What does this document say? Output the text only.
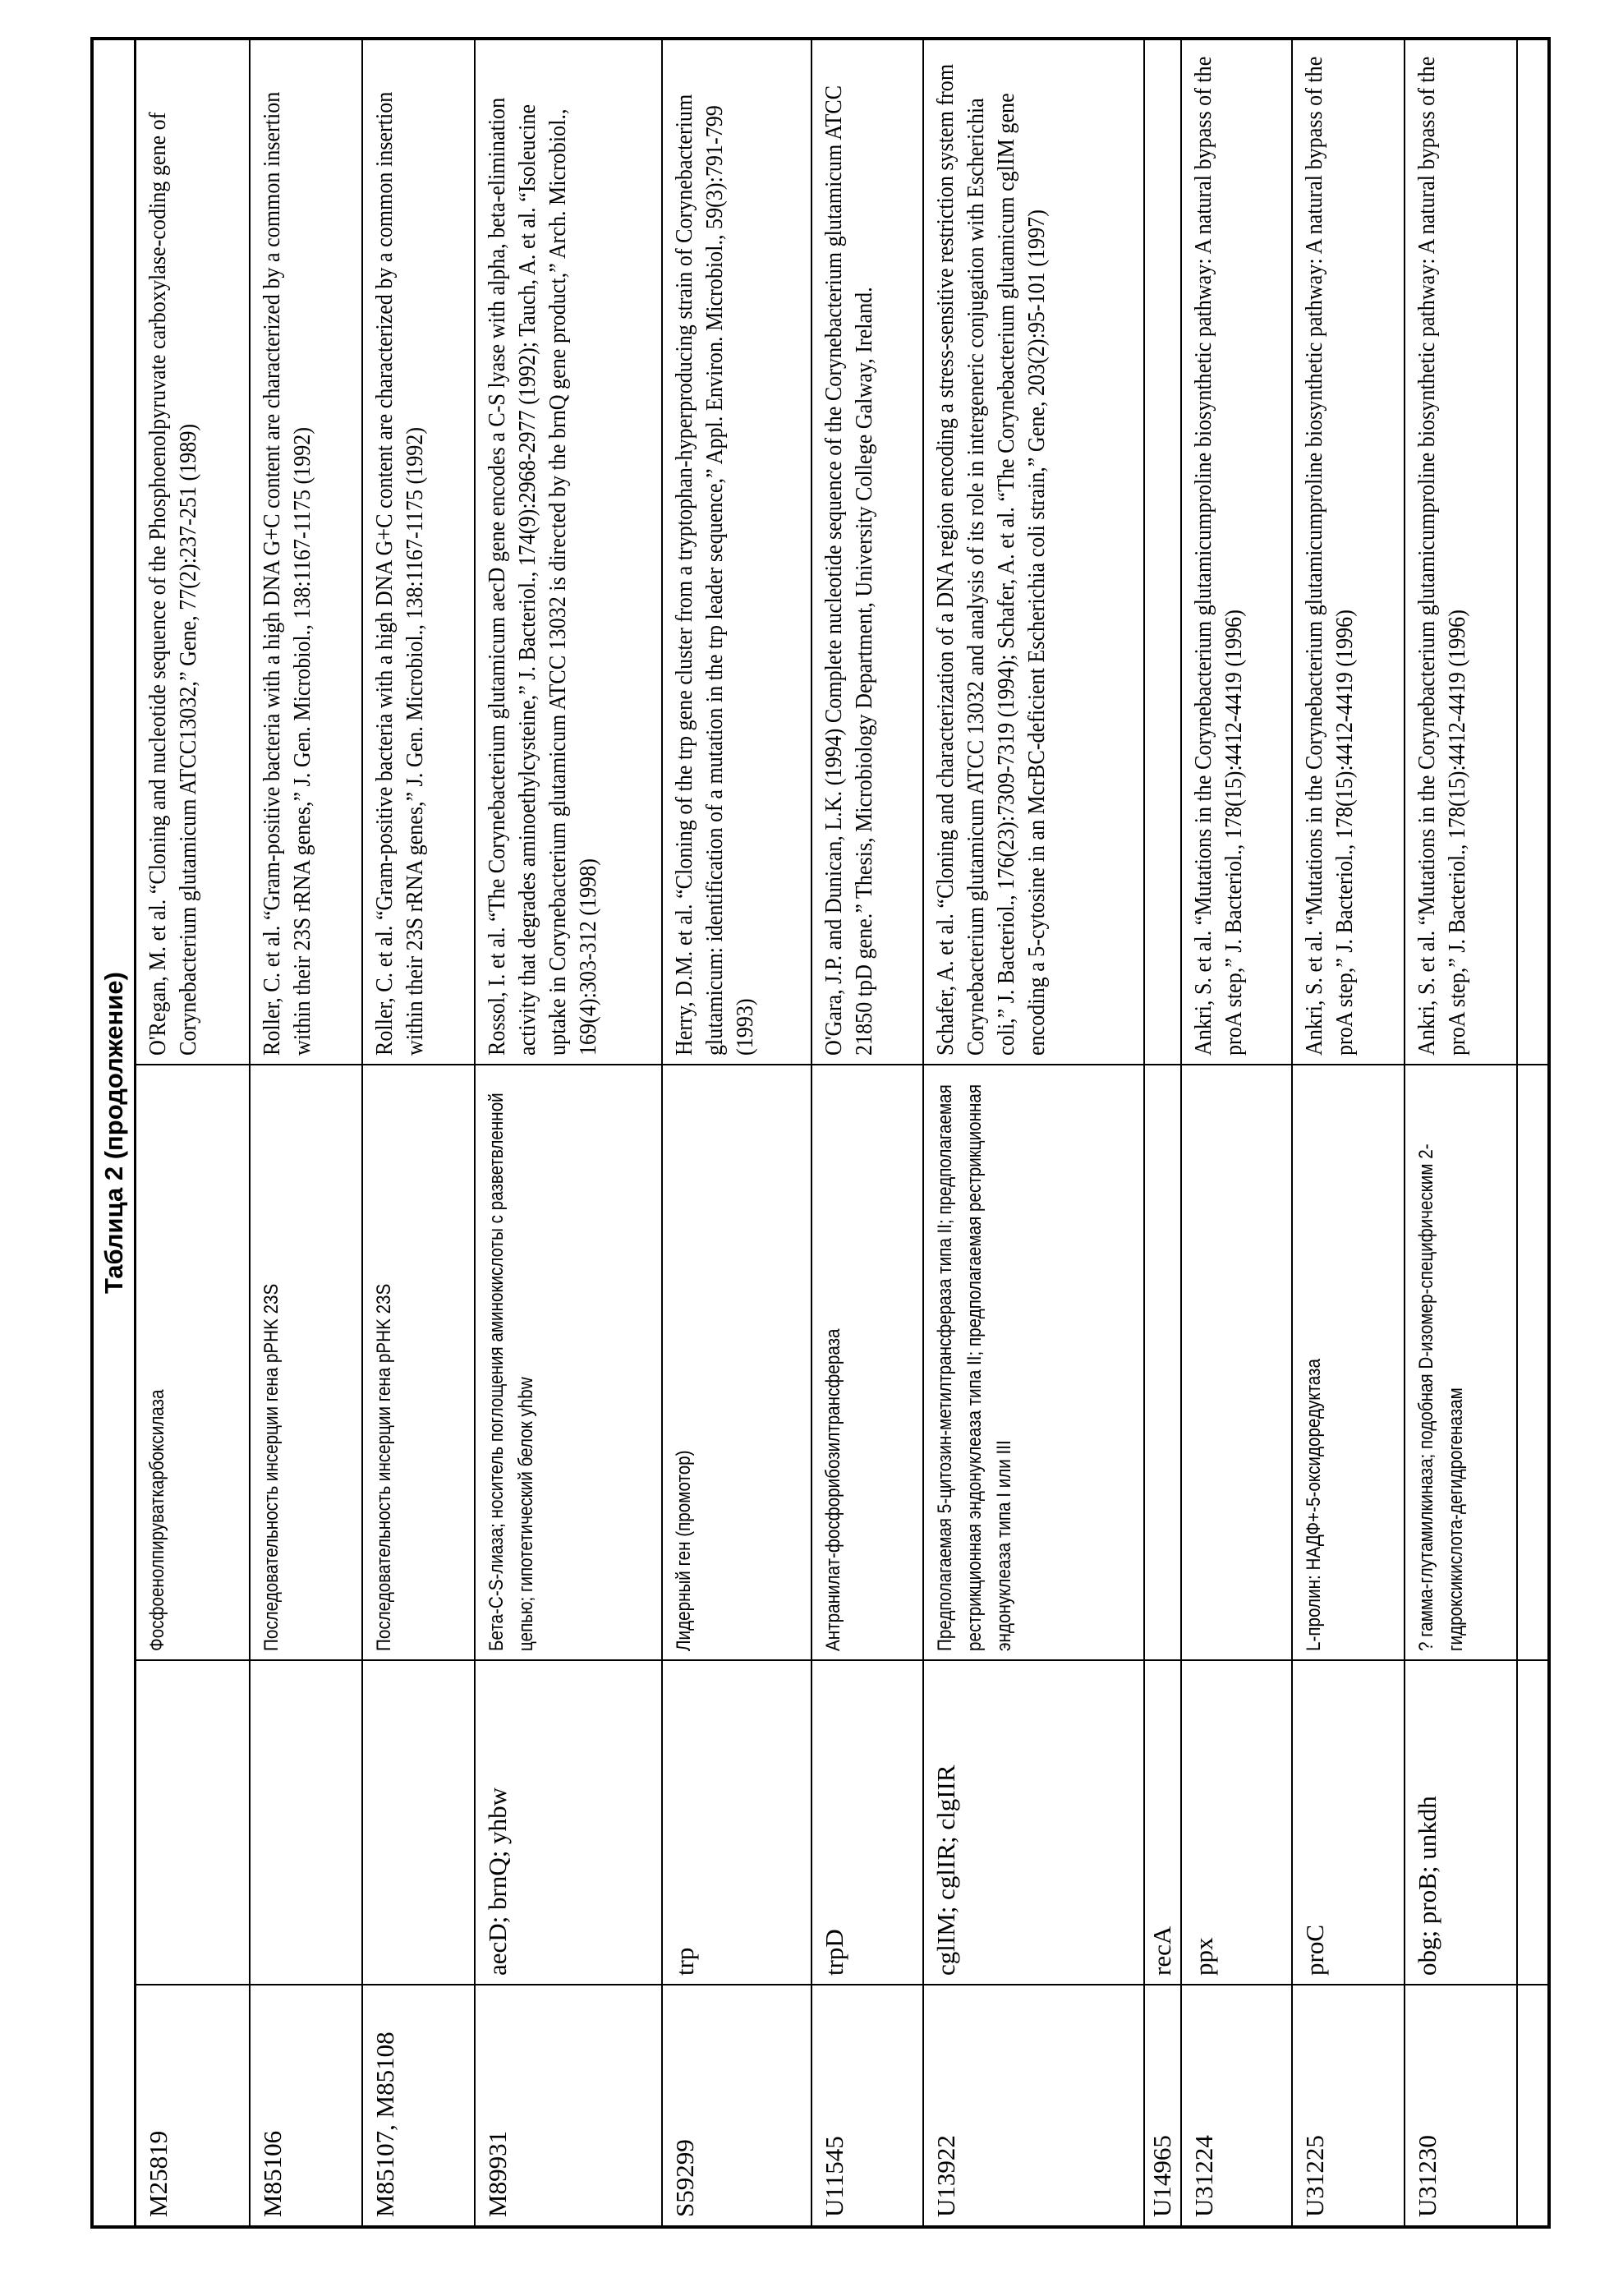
Таблица 2 (продолжение)
M25819		
Фосфоенолпируваткарбоксилаза

O'Regan, M. et al. “Cloning and nucleotide sequence of the Phosphoenolpyruvate carboxylase-coding gene of Corynebacterium glutamicum ATCC13032,” Gene, 77(2):237-251 (1989)

M85106		
Последовательность инсерции гена pPHK 23S

Roller, C. et al. “Gram-positive bacteria with a high DNA G+C content are characterized by a common insertion within their 23S rRNA genes,” J. Gen. Microbiol., 138:1167-1175 (1992)

M85107, M85108		
Последовательность инсерции гена pPHK 23S

Roller, C. et al. “Gram-positive bacteria with a high DNA G+C content are characterized by a common insertion within their 23S rRNA genes,” J. Gen. Microbiol., 138:1167-1175 (1992)

M89931	aecD; brnQ; yhbw	
Бета-C-S-лиаза; носитель поглощения аминокислоты с разветвленной цепью; гипотетический белок yhbw

Rossol, I. et al. “The Corynebacterium glutamicum aecD gene encodes a C-S lyase with alpha, beta-elimination activity that degrades aminoethylcysteine,” J. Bacteriol., 174(9):2968-2977 (1992); Tauch, A. et al. “Isoleucine uptake in Corynebacterium glutamicum ATCC 13032 is directed by the brnQ gene product,” Arch. Microbiol., 169(4):303-312 (1998)

S59299	trp	
Лидерный ген (промотор)

Herry, D.M. et al. “Cloning of the trp gene cluster from a tryptophan-hyperproducing strain of Corynebacterium glutamicum: identification of a mutation in the trp leader sequence,” Appl. Environ. Microbiol., 59(3):791-799 (1993)

U11545	trpD	
Антранилат-фосфорибозилтрансфераза

O'Gara, J.P. and Dunican, L.K. (1994) Complete nucleotide sequence of the Corynebacterium glutamicum ATCC 21850 tpD gene.” Thesis, Microbiology Department, University College Galway, Ireland.

U13922	cglIM; cglIR; clgIIR	
Предполагаемая 5-цитозин-метилтрансфераза типа II; предполагаемая рестрикционная эндонуклеаза типа II; предполагаемая рестрикционная эндонуклеаза типа I или III

Schafer, A. et al. “Cloning and characterization of a DNA region encoding a stress-sensitive restriction system from Corynebacterium glutamicum ATCC 13032 and analysis of its role in intergeneric conjugation with Escherichia coli,” J. Bacteriol., 176(23):7309-7319 (1994); Schafer, A. et al. “The Corynebacterium glutamicum cglIM gene encoding a 5-cytosine in an McrBC-deficient Escherichia coli strain,” Gene, 203(2):95-101 (1997)

U14965	recA	

U31224	ppx	

Ankri, S. et al. “Mutations in the Corynebacterium glutamicumproline biosynthetic pathway: A natural bypass of the proA step,” J. Bacteriol., 178(15):4412-4419 (1996)

U31225	proC	
L-пролин: НАДФ+-5-оксидоредуктаза

Ankri, S. et al. “Mutations in the Corynebacterium glutamicumproline biosynthetic pathway: A natural bypass of the proA step,” J. Bacteriol., 178(15):4412-4419 (1996)

U31230	obg; proB; unkdh	
? гамма-глутамилкиназа; подобная D-изомер-специфическим 2-гидроксикислота-дегидрогеназам

Ankri, S. et al. “Mutations in the Corynebacterium glutamicumproline biosynthetic pathway: A natural bypass of the proA step,” J. Bacteriol., 178(15):4412-4419 (1996)
